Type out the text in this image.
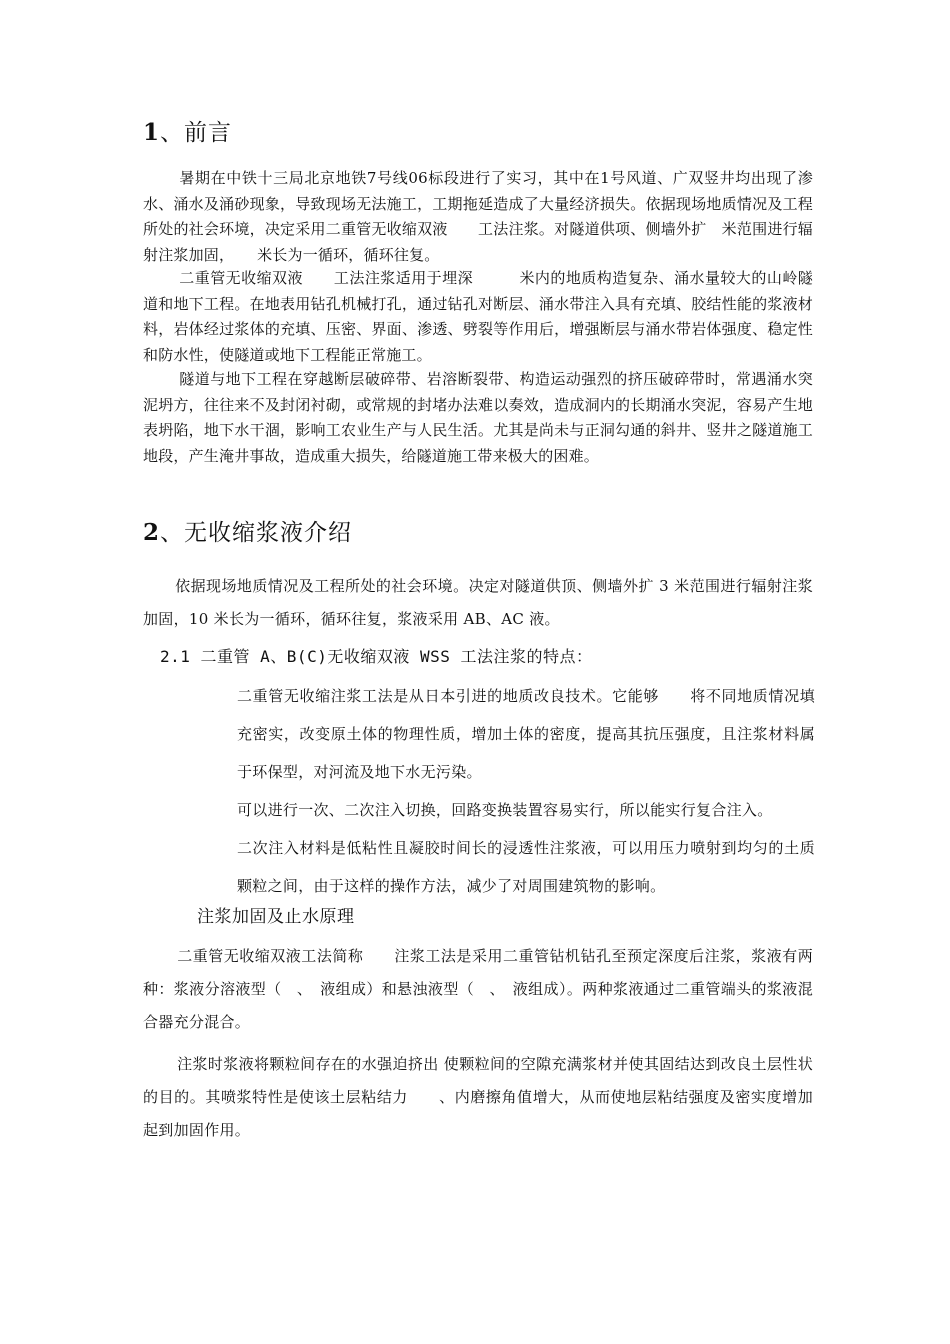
1、前言

暑期在中铁十三局北京地铁7号线06标段进行了实习，其中在1号风道、广双竖井均出现了渗水、涌水及涌砂现象，导致现场无法施工，工期拖延造成了大量经济损失。依据现场地质情况及工程所处的社会环境，决定采用二重管无收缩双液　　工法注浆。对隧道供项、侧墙外扩　米范围进行辐射注浆加固，　　米长为一循环，循环往复。

二重管无收缩双液　　工法注浆适用于埋深　　　米内的地质构造复杂、涌水量较大的山岭隧道和地下工程。在地表用钻孔机械打孔，通过钻孔对断层、涌水带注入具有充填、胶结性能的浆液材料，岩体经过浆体的充填、压密、界面、渗透、劈裂等作用后，增强断层与涌水带岩体强度、稳定性和防水性，使隧道或地下工程能正常施工。

隧道与地下工程在穿越断层破碎带、岩溶断裂带、构造运动强烈的挤压破碎带时，常遇涌水突泥坍方，往往来不及封闭衬砌，或常规的封堵办法难以奏效，造成洞内的长期涌水突泥，容易产生地表坍陷，地下水干涸，影响工农业生产与人民生活。尤其是尚未与正洞勾通的斜井、竖井之隧道施工地段，产生淹井事故，造成重大损失，给隧道施工带来极大的困难。

2、无收缩浆液介绍

依据现场地质情况及工程所处的社会环境。决定对隧道供顶、侧墙外扩 3 米范围进行辐射注浆加固，10 米长为一循环，循环往复，浆液采用 AB、AC 液。

2.1 二重管 A、B(C)无收缩双液 WSS 工法注浆的特点：

二重管无收缩注浆工法是从日本引进的地质改良技术。它能够　　将不同地质情况填充密实，改变原土体的物理性质，增加土体的密度，提高其抗压强度，且注浆材料属于环保型，对河流及地下水无污染。

可以进行一次、二次注入切换，回路变换装置容易实行，所以能实行复合注入。

二次注入材料是低粘性且凝胶时间长的浸透性注浆液，可以用压力喷射到均匀的土质颗粒之间，由于这样的操作方法，减少了对周围建筑物的影响。

注浆加固及止水原理

二重管无收缩双液工法简称　　注浆工法是采用二重管钻机钻孔至预定深度后注浆，浆液有两种：浆液分溶液型（　、　液组成）和悬浊液型（　、　液组成）。两种浆液通过二重管端头的浆液混合器充分混合。

注浆时浆液将颗粒间存在的水强迫挤出 使颗粒间的空隙充满浆材并使其固结达到改良土层性状的目的。其喷浆特性是使该土层粘结力　　、内磨擦角值增大，从而使地层粘结强度及密实度增加 起到加固作用。
